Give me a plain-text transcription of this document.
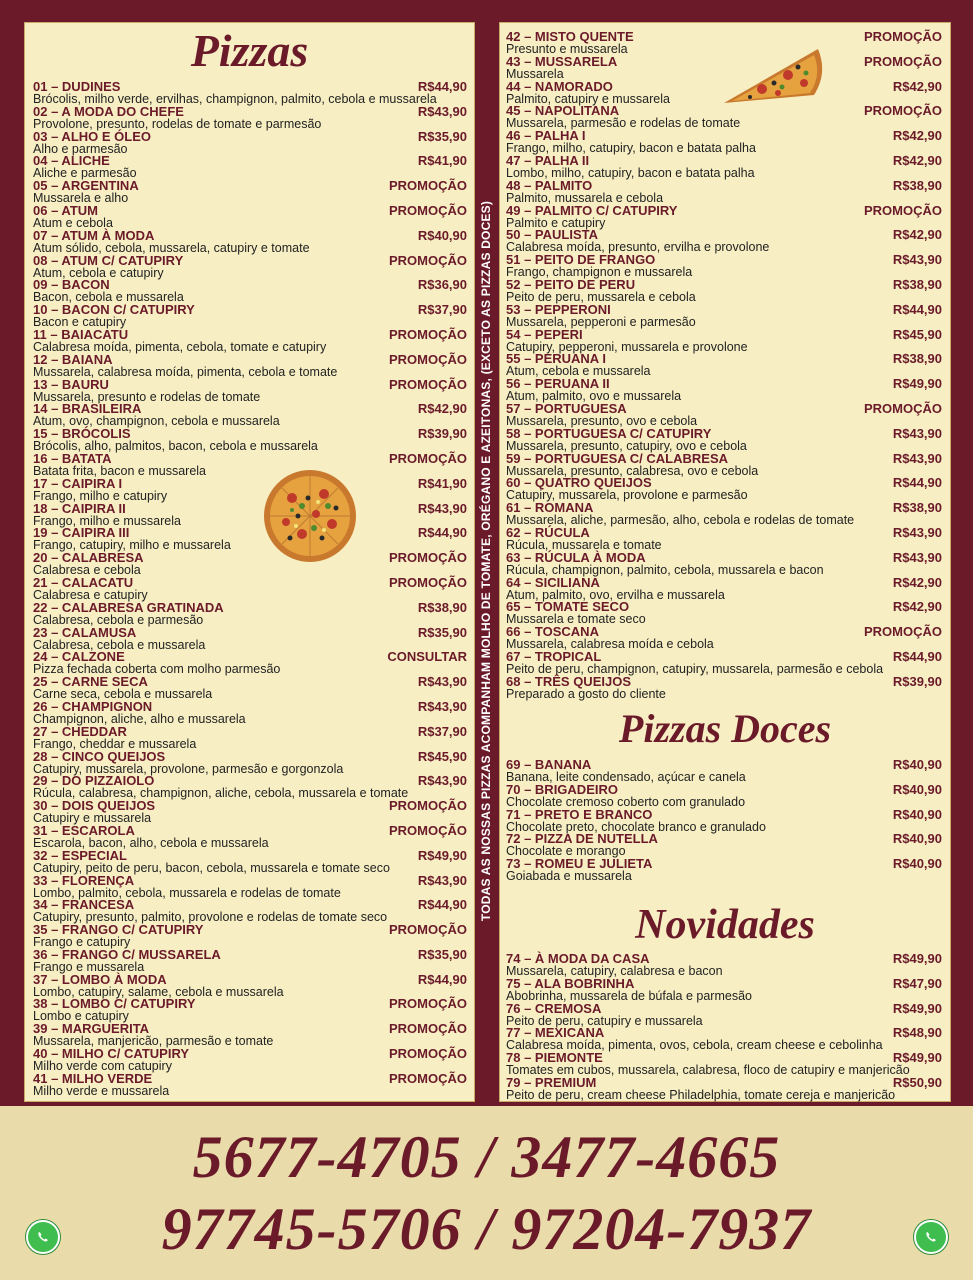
Pizzas
01 – DUDINES	R$44,90
Brócolis, milho verde, ervilhas, champignon, palmito, cebola e mussarela
02 – A MODA DO CHEFE	R$43,90
Provolone, presunto, rodelas de tomate e parmesão
03 – ALHO E ÓLEO	R$35,90
Alho e parmesão
04 – ALICHE	R$41,90
Aliche e parmesão
05 – ARGENTINA	PROMOÇÃO
Mussarela e alho
06 – ATUM	PROMOÇÃO
Atum e cebola
07 – ATUM À MODA	R$40,90
Atum sólido, cebola, mussarela, catupiry e tomate
08 – ATUM C/ CATUPIRY	PROMOÇÃO
Atum, cebola e catupiry
09 – BACON	R$36,90
Bacon, cebola e mussarela
10 – BACON C/ CATUPIRY	R$37,90
Bacon e catupiry
11 – BAIACATU	PROMOÇÃO
Calabresa moída, pimenta, cebola, tomate e catupiry
12 – BAIANA	PROMOÇÃO
Mussarela, calabresa moída, pimenta, cebola e tomate
13 – BAURU	PROMOÇÃO
Mussarela, presunto e rodelas de tomate
14 – BRASILEIRA	R$42,90
Atum, ovo, champignon, cebola e mussarela
15 – BRÓCOLIS	R$39,90
Brócolis, alho, palmitos, bacon, cebola e mussarela
16 – BATATA	PROMOÇÃO
Batata frita, bacon e mussarela
17 – CAIPIRA I	R$41,90
Frango, milho e catupiry
18 – CAIPIRA II	R$43,90
Frango, milho e mussarela
19 – CAIPIRA III	R$44,90
Frango, catupiry, milho e mussarela
20 – CALABRESA	PROMOÇÃO
Calabresa e cebola
21 – CALACATU	PROMOÇÃO
Calabresa e catupiry
22 – CALABRESA GRATINADA	R$38,90
Calabresa, cebola e parmesão
23 – CALAMUSA	R$35,90
Calabresa, cebola e mussarela
24 – CALZONE	CONSULTAR
Pizza fechada coberta com molho parmesão
25 – CARNE SECA	R$43,90
Carne seca, cebola e mussarela
26 – CHAMPIGNON	R$43,90
Champignon, aliche, alho e mussarela
27 – CHEDDAR	R$37,90
Frango, cheddar e mussarela
28 – CINCO QUEIJOS	R$45,90
Catupiry, mussarela, provolone, parmesão e gorgonzola
29 – DO PIZZAIOLO	R$43,90
Rúcula, calabresa, champignon, aliche, cebola, mussarela e tomate
30 – DOIS QUEIJOS	PROMOÇÃO
Catupiry e mussarela
31 – ESCAROLA	PROMOÇÃO
Escarola, bacon, alho, cebola e mussarela
32 – ESPECIAL	R$49,90
Catupiry, peito de peru, bacon, cebola, mussarela e tomate seco
33 – FLORENÇA	R$43,90
Lombo, palmito, cebola, mussarela e rodelas de tomate
34 – FRANCESA	R$44,90
Catupiry, presunto, palmito, provolone e rodelas de tomate seco
35 – FRANGO C/ CATUPIRY	PROMOÇÃO
Frango e catupiry
36 – FRANGO C/ MUSSARELA	R$35,90
Frango e mussarela
37 – LOMBO À MODA	R$44,90
Lombo, catupiry, salame, cebola e mussarela
38 – LOMBO C/ CATUPIRY	PROMOÇÃO
Lombo e catupiry
39 – MARGUERITA	PROMOÇÃO
Mussarela, manjericão, parmesão e tomate
40 – MILHO C/ CATUPIRY	PROMOÇÃO
Milho verde com catupiry
41 – MILHO VERDE	PROMOÇÃO
Milho verde e mussarela
TODAS AS NOSSAS PIZZAS ACOMPANHAM MOLHO DE TOMATE, ORÉGANO E AZEITONAS, (EXCETO AS PIZZAS DOCES)
42 – MISTO QUENTE	PROMOÇÃO
Presunto e mussarela
43 – MUSSARELA	PROMOÇÃO
Mussarela
44 – NAMORADO	R$42,90
Palmito, catupiry e mussarela
45 – NAPOLITANA	PROMOÇÃO
Mussarela, parmesão e rodelas de tomate
46 – PALHA I	R$42,90
Frango, milho, catupiry, bacon e batata palha
47 – PALHA II	R$42,90
Lombo, milho, catupiry, bacon e batata palha
48 – PALMITO	R$38,90
Palmito, mussarela e cebola
49 – PALMITO C/ CATUPIRY	PROMOÇÃO
Palmito e catupiry
50 – PAULISTA	R$42,90
Calabresa moída, presunto, ervilha e provolone
51 – PEITO DE FRANGO	R$43,90
Frango, champignon e mussarela
52 – PEITO DE PERU	R$38,90
Peito de peru, mussarela e cebola
53 – PEPPERONI	R$44,90
Mussarela, pepperoni e parmesão
54 – PEPERI	R$45,90
Catupiry, pepperoni, mussarela e provolone
55 – PERUANA I	R$38,90
Atum, cebola e mussarela
56 – PERUANA II	R$49,90
Atum, palmito, ovo e mussarela
57 – PORTUGUESA	PROMOÇÃO
Mussarela, presunto, ovo e cebola
58 – PORTUGUESA C/ CATUPIRY	R$43,90
Mussarela, presunto, catupiry, ovo e cebola
59 – PORTUGUESA C/ CALABRESA	R$43,90
Mussarela, presunto, calabresa, ovo e cebola
60 – QUATRO QUEIJOS	R$44,90
Catupiry, mussarela, provolone e parmesão
61 – ROMANA	R$38,90
Mussarela, aliche, parmesão, alho, cebola e rodelas de tomate
62 – RÚCULA	R$43,90
Rúcula, mussarela e tomate
63 – RÚCULA À MODA	R$43,90
Rúcula, champignon, palmito, cebola, mussarela e bacon
64 – SICILIANA	R$42,90
Atum, palmito, ovo, ervilha e mussarela
65 – TOMATE SECO	R$42,90
Mussarela e tomate seco
66 – TOSCANA	PROMOÇÃO
Mussarela, calabresa moída e cebola
67 – TROPICAL	R$44,90
Peito de peru, champignon, catupiry, mussarela, parmesão e cebola
68 – TRÊS QUEIJOS	R$39,90
Preparado a gosto do cliente
Pizzas Doces
69 – BANANA	R$40,90
Banana, leite condensado, açúcar e canela
70 – BRIGADEIRO	R$40,90
Chocolate cremoso coberto com granulado
71 – PRETO E BRANCO	R$40,90
Chocolate preto, chocolate branco e granulado
72 – PIZZA DE NUTELLA	R$40,90
Chocolate e morango
73 – ROMEU E JULIETA	R$40,90
Goiabada e mussarela
Novidades
74 – À MODA DA CASA	R$49,90
Mussarela, catupiry, calabresa e bacon
75 – ALA BOBRINHA	R$47,90
Abobrinha, mussarela de búfala e parmesão
76 – CREMOSA	R$49,90
Peito de peru, catupiry e mussarela
77 – MEXICANA	R$48,90
Calabresa moída, pimenta, ovos, cebola, cream cheese e cebolinha
78 – PIEMONTE	R$49,90
Tomates em cubos, mussarela, calabresa, floco de catupiry e manjericão
79 – PREMIUM	R$50,90
Peito de peru, cream cheese Philadelphia, tomate cereja e manjericão
5677-4705 / 3477-4665
97745-5706 / 97204-7937
